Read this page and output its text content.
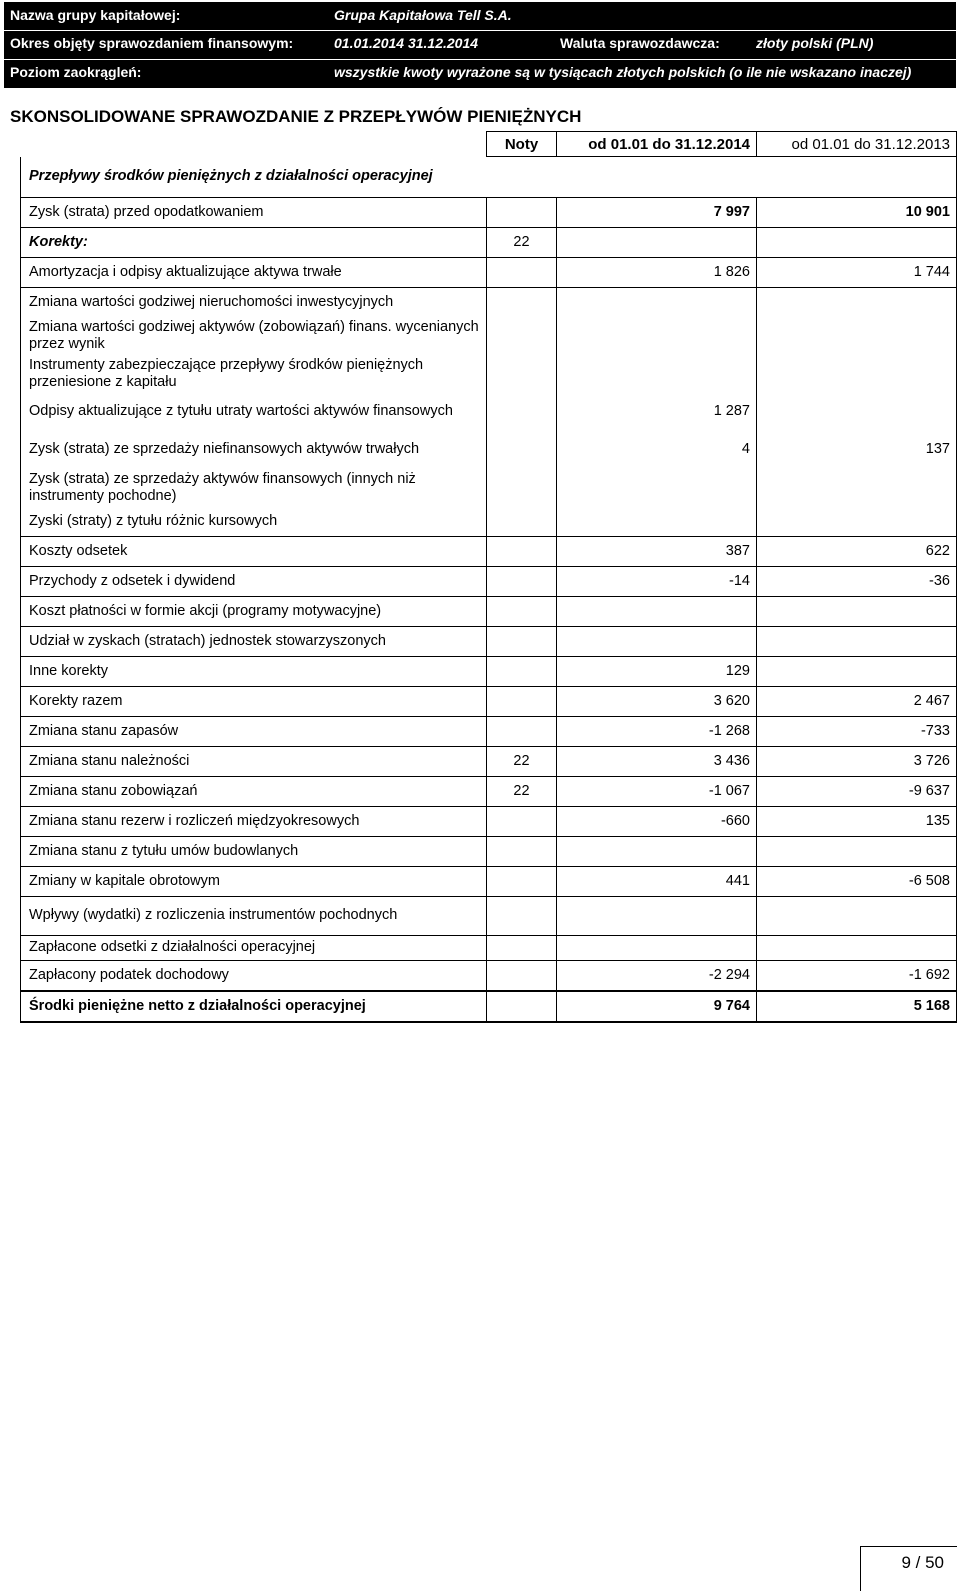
Nazwa grupy kapitałowej:	Grupa Kapitałowa Tell S.A.
Okres objęty sprawozdaniem finansowym:	01.01.2014 31.12.2014	Waluta sprawozdawcza:	złoty polski (PLN)
Poziom zaokrągleń:	wszystkie kwoty wyrażone są w tysiącach złotych polskich (o ile nie wskazano inaczej)
SKONSOLIDOWANE SPRAWOZDANIE Z PRZEPŁYWÓW PIENIĘŻNYCH
	Noty	od 01.01 do 31.12.2014	od 01.01 do 31.12.2013
Przepływy środków pieniężnych z działalności operacyjnej			
Zysk (strata) przed opodatkowaniem		7 997	10 901
Korekty:	22		
Amortyzacja i odpisy aktualizujące aktywa trwałe		1 826	1 744
Zmiana wartości godziwej nieruchomości inwestycyjnych			
Zmiana wartości godziwej aktywów (zobowiązań) finans. wycenianych przez wynik			
Instrumenty zabezpieczające przepływy środków pieniężnych przeniesione z kapitału			
Odpisy aktualizujące z tytułu utraty wartości aktywów finansowych		1 287	
Zysk (strata) ze sprzedaży niefinansowych aktywów trwałych		4	137
Zysk (strata) ze sprzedaży aktywów finansowych (innych niż instrumenty pochodne)			
Zyski (straty) z tytułu różnic kursowych			
Koszty odsetek		387	622
Przychody z odsetek i dywidend		-14	-36
Koszt płatności w formie akcji (programy motywacyjne)			
Udział w zyskach (stratach) jednostek stowarzyszonych			
Inne korekty		129	
Korekty razem		3 620	2 467
Zmiana stanu zapasów		-1 268	-733
Zmiana stanu należności	22	3 436	3 726
Zmiana stanu zobowiązań	22	-1 067	-9 637
Zmiana stanu rezerw i rozliczeń międzyokresowych		-660	135
Zmiana stanu z tytułu umów budowlanych			
Zmiany w kapitale obrotowym		441	-6 508
Wpływy (wydatki) z rozliczenia instrumentów pochodnych			
Zapłacone odsetki z działalności operacyjnej			
Zapłacony podatek dochodowy		-2 294	-1 692
Środki pieniężne netto z działalności operacyjnej		9 764	5 168
9 / 50
